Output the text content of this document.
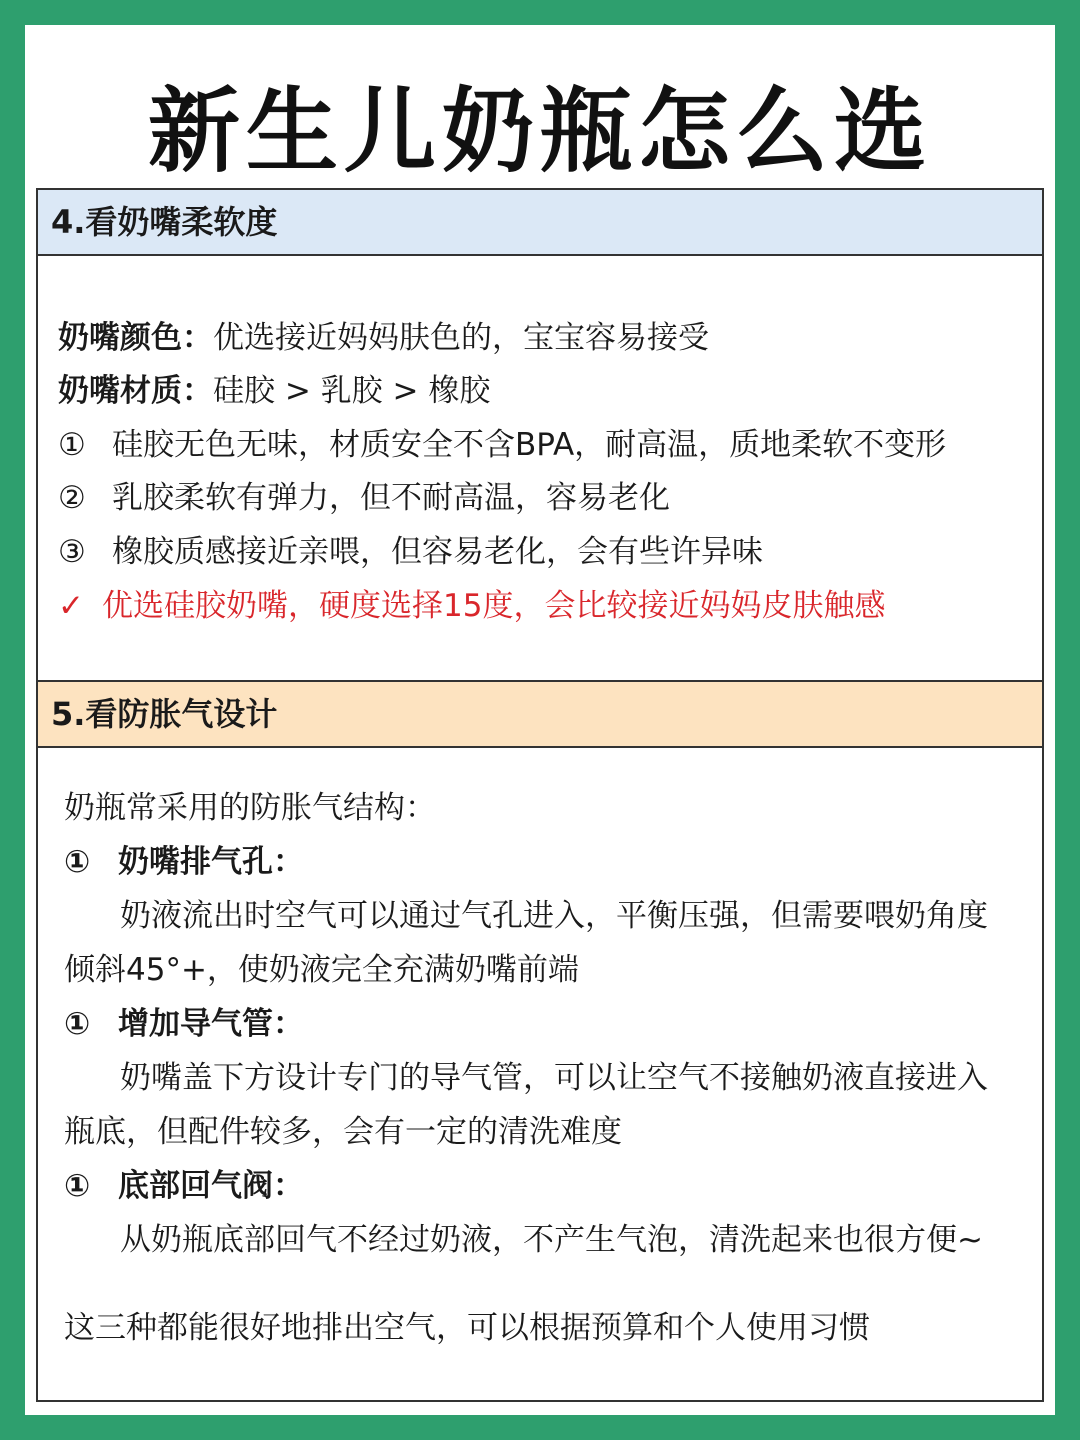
新生儿奶瓶怎么选
4.看奶嘴柔软度
奶嘴颜色：优选接近妈妈肤色的，宝宝容易接受
奶嘴材质：硅胶 > 乳胶 > 橡胶
① 硅胶无色无味，材质安全不含BPA，耐高温，质地柔软不变形
② 乳胶柔软有弹力，但不耐高温，容易老化
③ 橡胶质感接近亲喂，但容易老化，会有些许异味
✓ 优选硅胶奶嘴，硬度选择15度，会比较接近妈妈皮肤触感
5.看防胀气设计
奶瓶常采用的防胀气结构：
① 奶嘴排气孔：
奶液流出时空气可以通过气孔进入，平衡压强，但需要喂奶角度
倾斜45°+，使奶液完全充满奶嘴前端
① 增加导气管：
奶嘴盖下方设计专门的导气管，可以让空气不接触奶液直接进入
瓶底，但配件较多，会有一定的清洗难度
① 底部回气阀：
从奶瓶底部回气不经过奶液，不产生气泡，清洗起来也很方便~
这三种都能很好地排出空气，可以根据预算和个人使用习惯
